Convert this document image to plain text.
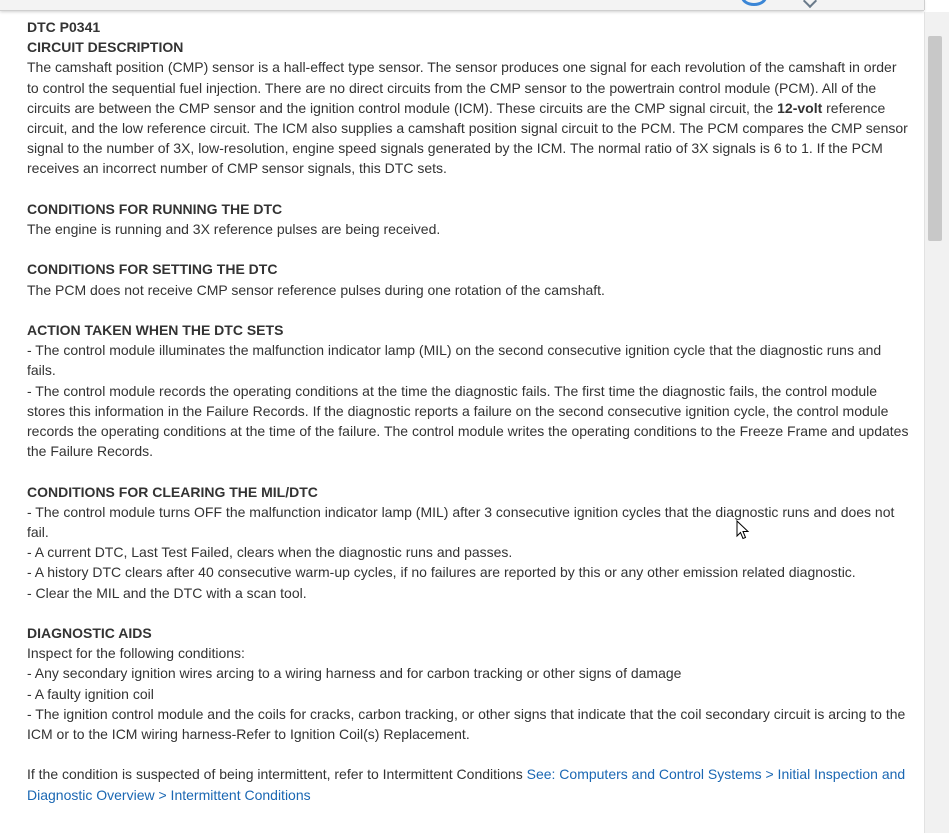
DTC P0341

CIRCUIT DESCRIPTION

The camshaft position (CMP) sensor is a hall-effect type sensor. The sensor produces one signal for each revolution of the camshaft in order to control the sequential fuel injection. There are no direct circuits from the CMP sensor to the powertrain control module (PCM). All of the circuits are between the CMP sensor and the ignition control module (ICM). These circuits are the CMP signal circuit, the 12-volt reference circuit, and the low reference circuit. The ICM also supplies a camshaft position signal circuit to the PCM. The PCM compares the CMP sensor signal to the number of 3X, low-resolution, engine speed signals generated by the ICM. The normal ratio of 3X signals is 6 to 1. If the PCM receives an incorrect number of CMP sensor signals, this DTC sets.

CONDITIONS FOR RUNNING THE DTC

The engine is running and 3X reference pulses are being received.

CONDITIONS FOR SETTING THE DTC

The PCM does not receive CMP sensor reference pulses during one rotation of the camshaft.

ACTION TAKEN WHEN THE DTC SETS

- The control module illuminates the malfunction indicator lamp (MIL) on the second consecutive ignition cycle that the diagnostic runs and fails.

- The control module records the operating conditions at the time the diagnostic fails. The first time the diagnostic fails, the control module stores this information in the Failure Records. If the diagnostic reports a failure on the second consecutive ignition cycle, the control module records the operating conditions at the time of the failure. The control module writes the operating conditions to the Freeze Frame and updates the Failure Records.

CONDITIONS FOR CLEARING THE MIL/DTC

- The control module turns OFF the malfunction indicator lamp (MIL) after 3 consecutive ignition cycles that the diagnostic runs and does not fail.

- A current DTC, Last Test Failed, clears when the diagnostic runs and passes.

- A history DTC clears after 40 consecutive warm-up cycles, if no failures are reported by this or any other emission related diagnostic.

- Clear the MIL and the DTC with a scan tool.

DIAGNOSTIC AIDS

Inspect for the following conditions:

- Any secondary ignition wires arcing to a wiring harness and for carbon tracking or other signs of damage

- A faulty ignition coil

- The ignition control module and the coils for cracks, carbon tracking, or other signs that indicate that the coil secondary circuit is arcing to the ICM or to the ICM wiring harness-Refer to Ignition Coil(s) Replacement.

If the condition is suspected of being intermittent, refer to Intermittent Conditions See: Computers and Control Systems > Initial Inspection and Diagnostic Overview > Intermittent Conditions
